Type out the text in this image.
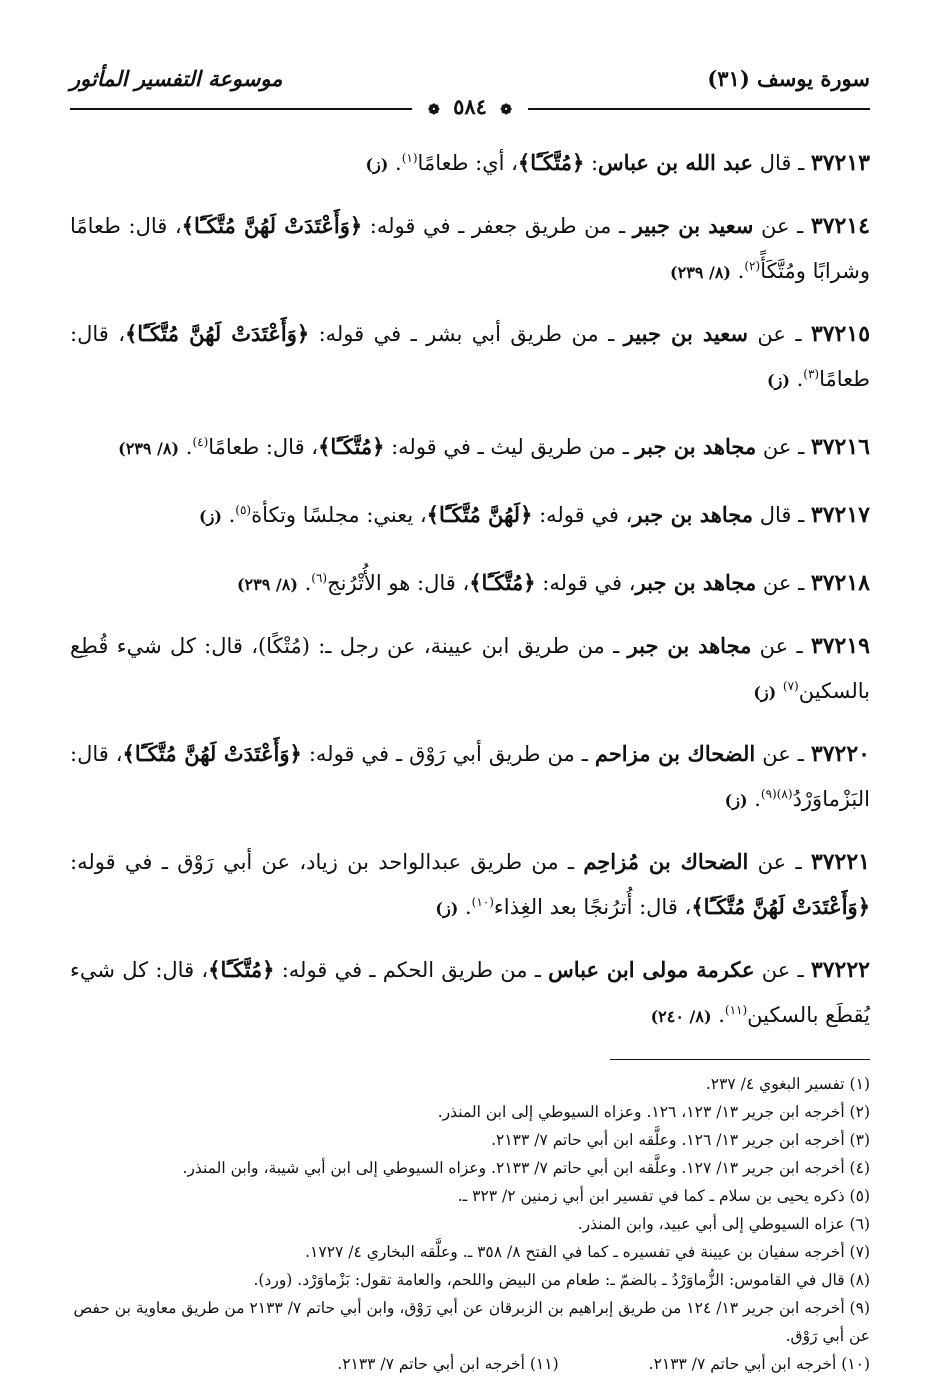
سورة يوسف (٣١)
موسوعة التفسير المأثور
❁ ٥٨٤ ❁

٣٧٢١٣ ـ قال عبد الله بن عباس: ﴿مُتَّكَـًٔا﴾، أي: طعامًا$^{(١)}$. (ز)

٣٧٢١٤ ـ عن سعيد بن جبير ـ من طريق جعفر ـ في قوله: ﴿وَأَعْتَدَتْ لَهُنَّ مُتَّكَـًٔا﴾، قال: طعامًا وشرابًا ومُتَّكَأً$^{(٢)}$. (٨/ ٢٣٩)

٣٧٢١٥ ـ عن سعيد بن جبير ـ من طريق أبي بشر ـ في قوله: ﴿وَأَعْتَدَتْ لَهُنَّ مُتَّكَـًٔا﴾، قال: طعامًا$^{(٣)}$. (ز)

٣٧٢١٦ ـ عن مجاهد بن جبر ـ من طريق ليث ـ في قوله: ﴿مُتَّكَـًٔا﴾، قال: طعامًا$^{(٤)}$. (٨/ ٢٣٩)

٣٧٢١٧ ـ قال مجاهد بن جبر، في قوله: ﴿لَهُنَّ مُتَّكَـًٔا﴾، يعني: مجلسًا وتكأة$^{(٥)}$. (ز)

٣٧٢١٨ ـ عن مجاهد بن جبر، في قوله: ﴿مُتَّكَـًٔا﴾، قال: هو الأُتْرُنج$^{(٦)}$. (٨/ ٢٣٩)

٣٧٢١٩ ـ عن مجاهد بن جبر ـ من طريق ابن عيينة، عن رجل ـ: (مُتْكًا)، قال: كل شيء قُطِع بالسكين$^{(٧)}$ (ز)

٣٧٢٢٠ ـ عن الضحاك بن مزاحم ـ من طريق أبي رَوْق ـ في قوله: ﴿وَأَعْتَدَتْ لَهُنَّ مُتَّكَـًٔا﴾، قال: البَزْماوَرْدُ$^{(٨)(٩)}$. (ز)

٣٧٢٢١ ـ عن الضحاك بن مُزاحِم ـ من طريق عبدالواحد بن زياد، عن أبي رَوْق ـ في قوله: ﴿وَأَعْتَدَتْ لَهُنَّ مُتَّكَـًٔا﴾، قال: أُترُنجًا بعد الغِذاء$^{(١٠)}$. (ز)

٣٧٢٢٢ ـ عن عكرمة مولى ابن عباس ـ من طريق الحكم ـ في قوله: ﴿مُتَّكَـًٔا﴾، قال: كل شيء يُقطَع بالسكين$^{(١١)}$. (٨/ ٢٤٠)

(١) تفسير البغوي ٤/ ٢٣٧.

(٢) أخرجه ابن جرير ١٣/ ١٢٣، ١٢٦. وعزاه السيوطي إلى ابن المنذر.

(٣) أخرجه ابن جرير ١٣/ ١٢٦. وعلَّقه ابن أبي حاتم ٧/ ٢١٣٣.

(٤) أخرجه ابن جرير ١٣/ ١٢٧. وعلَّقه ابن أبي حاتم ٧/ ٢١٣٣. وعزاه السيوطي إلى ابن أبي شيبة، وابن المنذر.

(٥) ذكره يحيى بن سلام ـ كما في تفسير ابن أبي زمنين ٢/ ٣٢٣ ـ.

(٦) عزاه السيوطي إلى أبي عبيد، وابن المنذر.

(٧) أخرجه سفيان بن عيينة في تفسيره ـ كما في الفتح ٨/ ٣٥٨ ـ. وعلَّقه البخاري ٤/ ١٧٢٧.

(٨) قال في القاموس: الزُّماوَرْدُ ـ بالضمّ ـ: طعام من البيض واللحم، والعامة تقول: بَزْماوَرْد. (ورد).

(٩) أخرجه ابن جرير ١٣/ ١٢٤ من طريق إبراهيم بن الزبرقان عن أبي رَوْق، وابن أبي حاتم ٧/ ٢١٣٣ من طريق معاوية بن حفص عن أبي رَوْق.

(١٠) أخرجه ابن أبي حاتم ٧/ ٢١٣٣.
(١١) أخرجه ابن أبي حاتم ٧/ ٢١٣٣.
